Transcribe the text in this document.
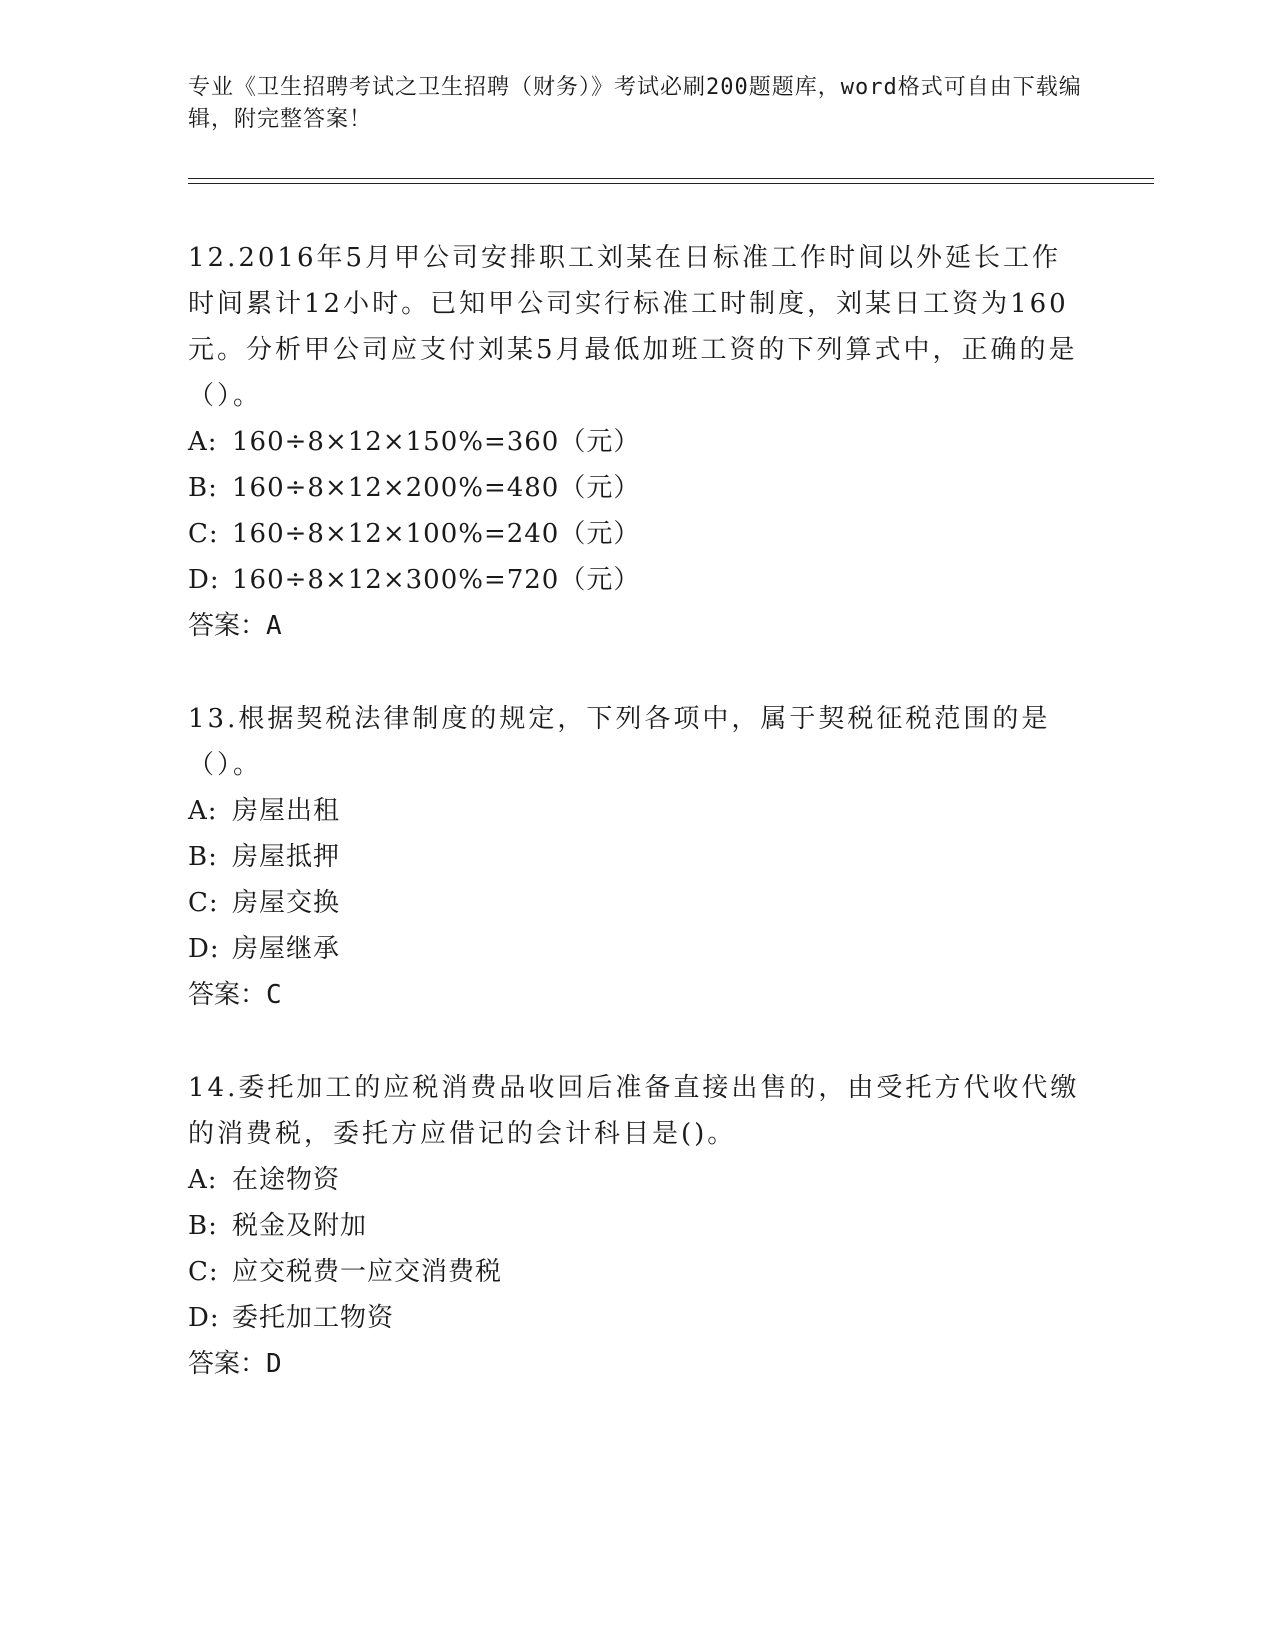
专业《卫生招聘考试之卫生招聘（财务）》考试必刷200题题库，word格式可自由下载编辑，附完整答案！

12.2016年5月甲公司安排职工刘某在日标准工作时间以外延长工作时间累计12小时。已知甲公司实行标准工时制度，刘某日工资为160元。分析甲公司应支付刘某5月最低加班工资的下列算式中，正确的是（）。

A: 160÷8×12×150%=360（元）

B: 160÷8×12×200%=480（元）

C: 160÷8×12×100%=240（元）

D: 160÷8×12×300%=720（元）

答案：A

13.根据契税法律制度的规定，下列各项中，属于契税征税范围的是（）。

A: 房屋出租

B: 房屋抵押

C: 房屋交换

D: 房屋继承

答案：C

14.委托加工的应税消费品收回后准备直接出售的，由受托方代收代缴的消费税，委托方应借记的会计科目是()。

A: 在途物资

B: 税金及附加

C: 应交税费一应交消费税

D: 委托加工物资

答案：D
